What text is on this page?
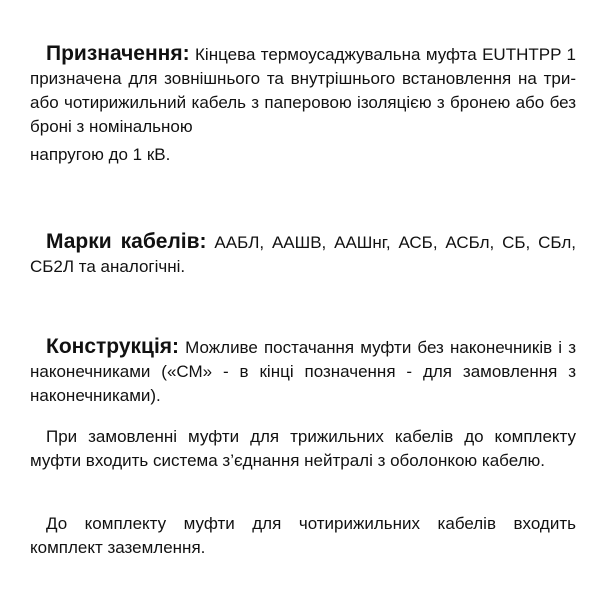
Призначення: Кінцева термоусаджувальна муфта EUTHTPP 1 призначена для зовнішнього та внутрішнього встановлення на три- або чотирижильний кабель з паперовою ізоляцією з бронею або без броні з номінальною
напругою до 1 кВ.

Марки кабелів: ААБЛ, ААШВ, ААШнг, АСБ, АСБл, СБ, СБл, СБ2Л та аналогічні.

Конструкція: Можливе постачання муфти без наконечників і з наконечниками («СМ» - в кінці позначення - для замовлення з наконечниками).

При замовленні муфти для трижильних кабелів до комплекту муфти входить система з’єднання нейтралі з оболонкою кабелю.

До комплекту муфти для чотирижильних кабелів входить комплект заземлення.
